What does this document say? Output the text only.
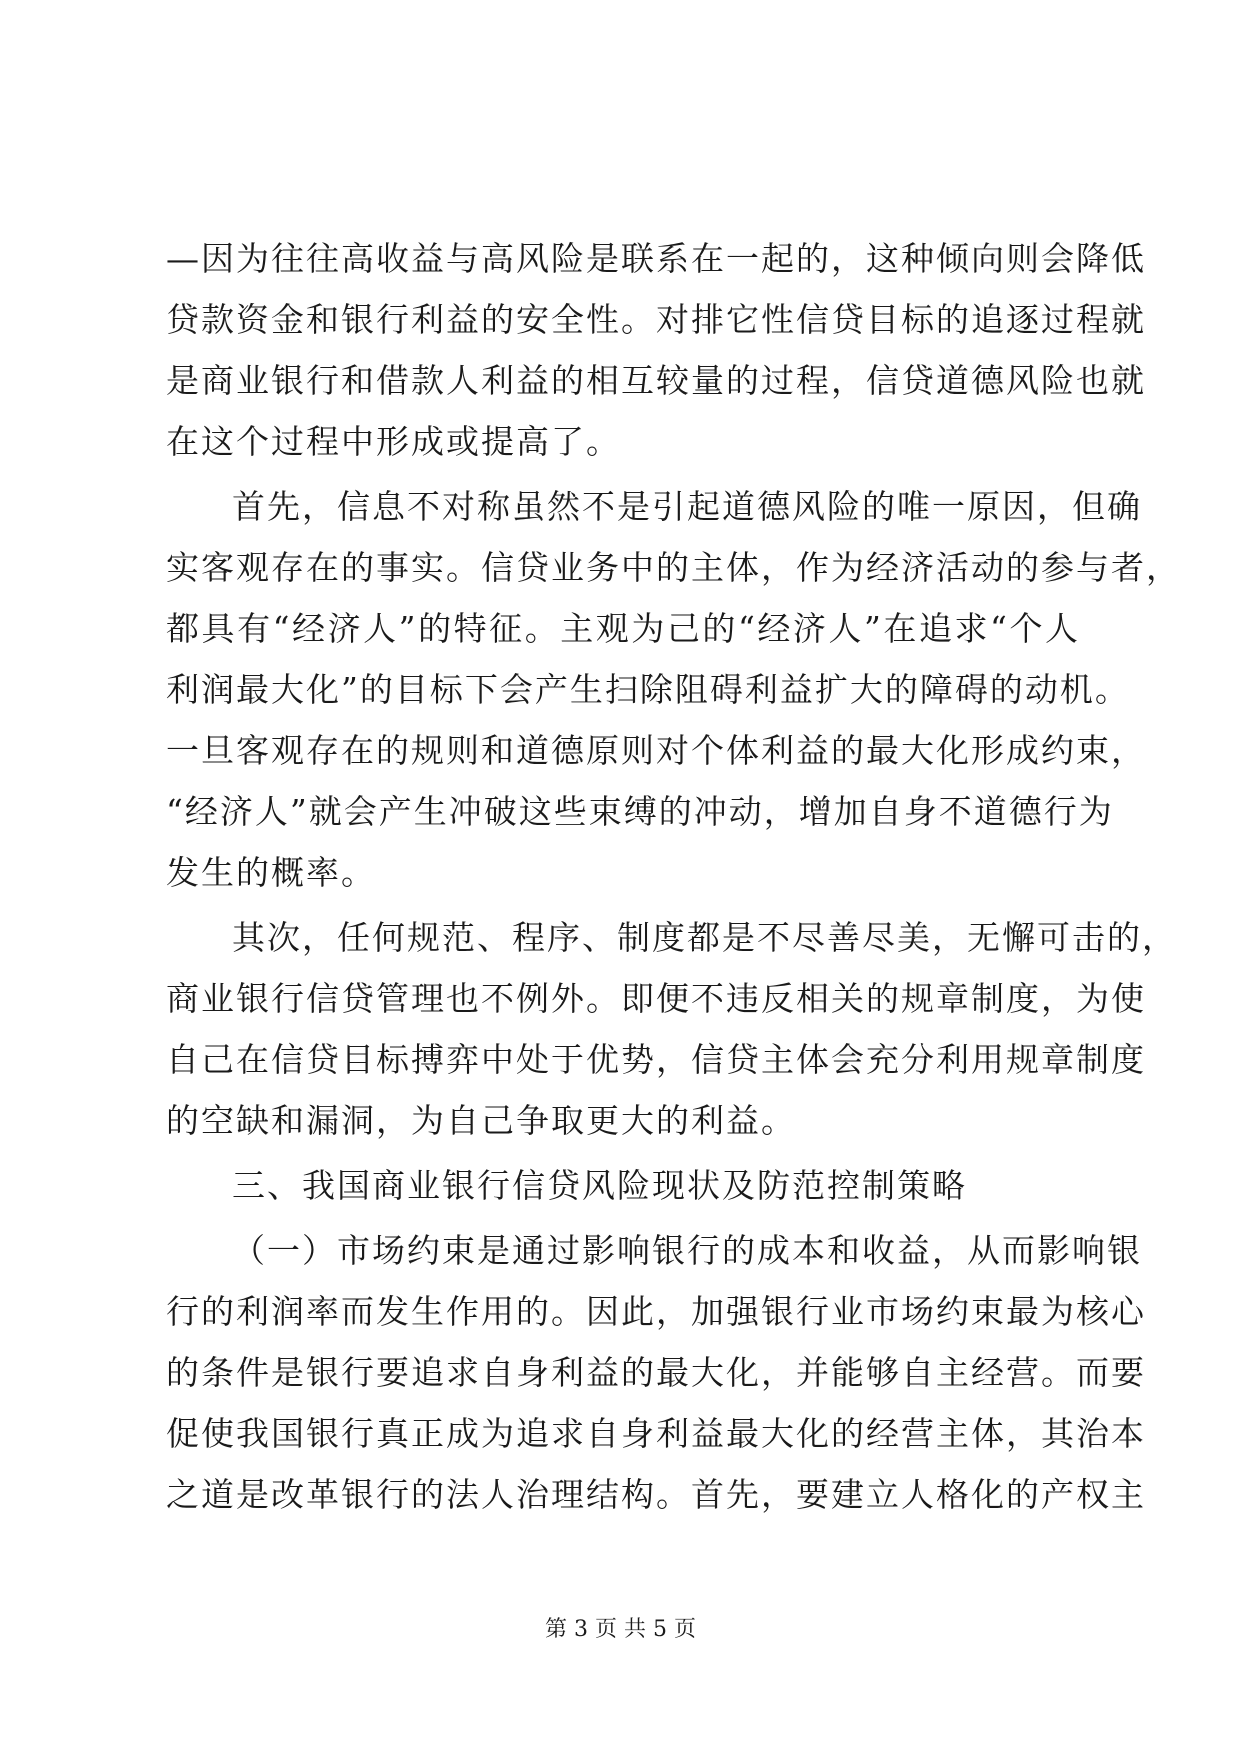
—因为往往高收益与高风险是联系在一起的，这种倾向则会降低
贷款资金和银行利益的安全性。对排它性信贷目标的追逐过程就
是商业银行和借款人利益的相互较量的过程，信贷道德风险也就
在这个过程中形成或提高了。
首先，信息不对称虽然不是引起道德风险的唯一原因，但确
实客观存在的事实。信贷业务中的主体，作为经济活动的参与者，
都具有“经济人”的特征。主观为己的“经济人”在追求“个人
利润最大化”的目标下会产生扫除阻碍利益扩大的障碍的动机。
一旦客观存在的规则和道德原则对个体利益的最大化形成约束，
“经济人”就会产生冲破这些束缚的冲动，增加自身不道德行为
发生的概率。
其次，任何规范、程序、制度都是不尽善尽美，无懈可击的，
商业银行信贷管理也不例外。即便不违反相关的规章制度，为使
自己在信贷目标搏弈中处于优势，信贷主体会充分利用规章制度
的空缺和漏洞，为自己争取更大的利益。
三、我国商业银行信贷风险现状及防范控制策略
（一）市场约束是通过影响银行的成本和收益，从而影响银
行的利润率而发生作用的。因此，加强银行业市场约束最为核心
的条件是银行要追求自身利益的最大化，并能够自主经营。而要
促使我国银行真正成为追求自身利益最大化的经营主体，其治本
之道是改革银行的法人治理结构。首先，要建立人格化的产权主
第 3 页 共 5 页
